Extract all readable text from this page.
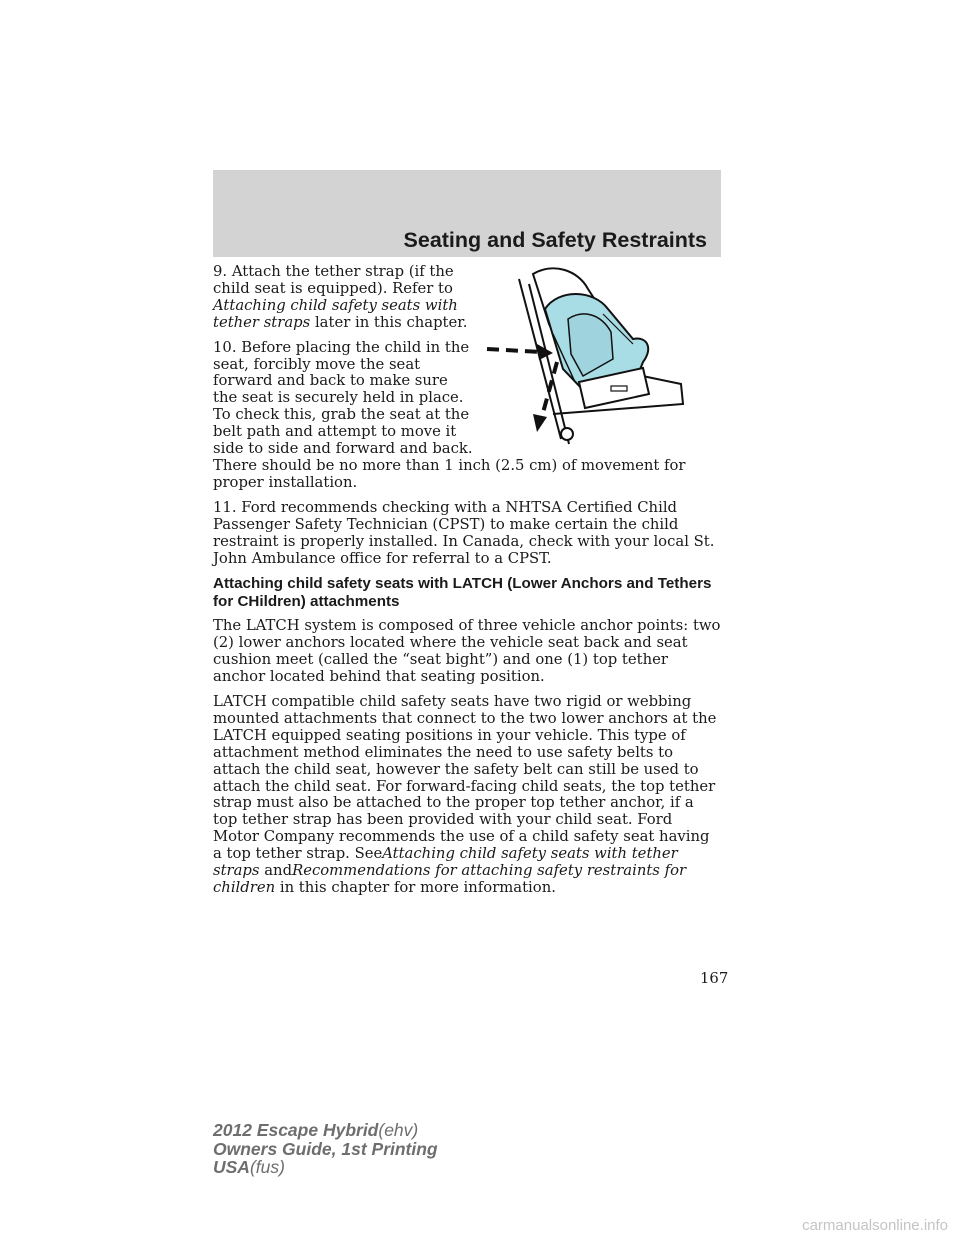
Seating and Safety Restraints

9. Attach the tether strap (if the child seat is equipped). Refer to Attaching child safety seats with tether straps later in this chapter.

10. Before placing the child in the seat, forcibly move the seat forward and back to make sure the seat is securely held in place. To check this, grab the seat at the belt path and attempt to move it side to side and forward and back. There should be no more than 1 inch (2.5 cm) of movement for proper installation.

11. Ford recommends checking with a NHTSA Certified Child Passenger Safety Technician (CPST) to make certain the child restraint is properly installed. In Canada, check with your local St. John Ambulance office for referral to a CPST.

Attaching child safety seats with LATCH (Lower Anchors and Tethers for CHildren) attachments

The LATCH system is composed of three vehicle anchor points: two (2) lower anchors located where the vehicle seat back and seat cushion meet (called the “seat bight”) and one (1) top tether anchor located behind that seating position.

LATCH compatible child safety seats have two rigid or webbing mounted attachments that connect to the two lower anchors at the LATCH equipped seating positions in your vehicle. This type of attachment method eliminates the need to use safety belts to attach the child seat, however the safety belt can still be used to attach the child seat. For forward-facing child seats, the top tether strap must also be attached to the proper top tether anchor, if a top tether strap has been provided with your child seat. Ford Motor Company recommends the use of a child safety seat having a top tether strap. SeeAttaching child safety seats with tether straps andRecommendations for attaching safety restraints for children in this chapter for more information.

167
2012 Escape Hybrid(ehv)
Owners Guide, 1st Printing
USA(fus)
carmanualsonline.info
